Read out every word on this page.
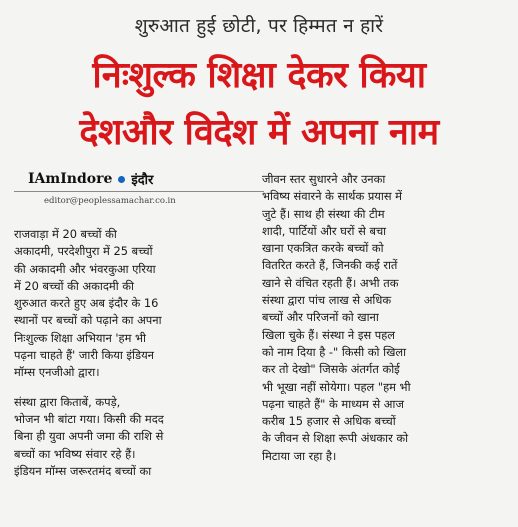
शुरुआत हुई छोटी, पर हिम्मत न हारें
निःशुल्क शिक्षा देकर किया
देशऔर विदेश में अपना नाम
IAmIndore इंदौर
editor@peoplessamachar.co.in
राजवाड़ा में 20 बच्चों की
अकादमी, परदेशीपुरा में 25 बच्चों
की अकादमी और भंवरकुआ एरिया
में 20 बच्चों की अकादमी की
शुरुआत करते हुए अब इंदौर के 16
स्थानों पर बच्चों को पढ़ाने का अपना
निःशुल्क शिक्षा अभियान 'हम भी
पढ़ना चाहते हैं' जारी किया इंडियन
मॉम्स एनजीओ द्वारा।
संस्था द्वारा किताबें, कपड़े,
भोजन भी बांटा गया। किसी की मदद
बिना ही युवा अपनी जमा की राशि से
बच्चों का भविष्य संवार रहे हैं।
इंडियन मॉम्स जरूरतमंद बच्चों का
जीवन स्तर सुधारने और उनका
भविष्य संवारने के सार्थक प्रयास में
जुटे हैं। साथ ही संस्था की टीम
शादी, पार्टियों और घरों से बचा
खाना एकत्रित करके बच्चों को
वितरित करते हैं, जिनकी कई रातें
खाने से वंचित रहती हैं। अभी तक
संस्था द्वारा पांच लाख से अधिक
बच्चों और परिजनों को खाना
खिला चुके हैं। संस्था ने इस पहल
को नाम दिया है -" किसी को खिला
कर तो देखो" जिसके अंतर्गत कोई
भी भूखा नहीं सोयेगा। पहल "हम भी
पढ़ना चाहते हैं" के माध्यम से आज
करीब 15 हजार से अधिक बच्चों
के जीवन से शिक्षा रूपी अंधकार को
मिटाया जा रहा है।
